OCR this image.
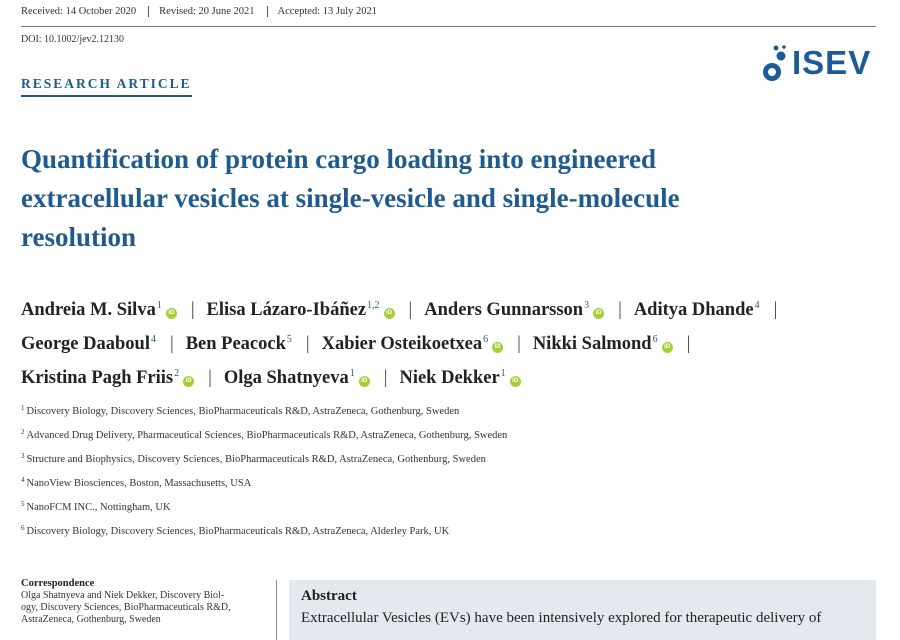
Received: 14 October 2020	Revised: 20 June 2021	Accepted: 13 July 2021
DOI: 10.1002/jev2.12130
RESEARCH ARTICLE
ISEV
Quantification of protein cargo loading into engineered extracellular vesicles at single-vesicle and single-molecule resolution
Andreia M. Silva$^1$iD | Elisa Lázaro-Ibáñez$^{1,2}$iD | Anders Gunnarsson$^3$iD | Aditya Dhande$^4$ |
George Daaboul$^4$ | Ben Peacock$^5$ | Xabier Osteikoetxea$^6$iD | Nikki Salmond$^6$iD |
Kristina Pagh Friis$^2$iD | Olga Shatnyeva$^1$iD | Niek Dekker$^1$iD
$^1$ Discovery Biology, Discovery Sciences, BioPharmaceuticals R&D, AstraZeneca, Gothenburg, Sweden
$^2$ Advanced Drug Delivery, Pharmaceutical Sciences, BioPharmaceuticals R&D, AstraZeneca, Gothenburg, Sweden
$^3$ Structure and Biophysics, Discovery Sciences, BioPharmaceuticals R&D, AstraZeneca, Gothenburg, Sweden
$^4$ NanoView Biosciences, Boston, Massachusetts, USA
$^5$ NanoFCM INC., Nottingham, UK
$^6$ Discovery Biology, Discovery Sciences, BioPharmaceuticals R&D, AstraZeneca, Alderley Park, UK
Correspondence
Olga Shatnyeva and Niek Dekker, Discovery Biol-
ogy, Discovery Sciences, BioPharmaceuticals R&D,
AstraZeneca, Gothenburg, Sweden
Abstract
Extracellular Vesicles (EVs) have been intensively explored for therapeutic delivery of
